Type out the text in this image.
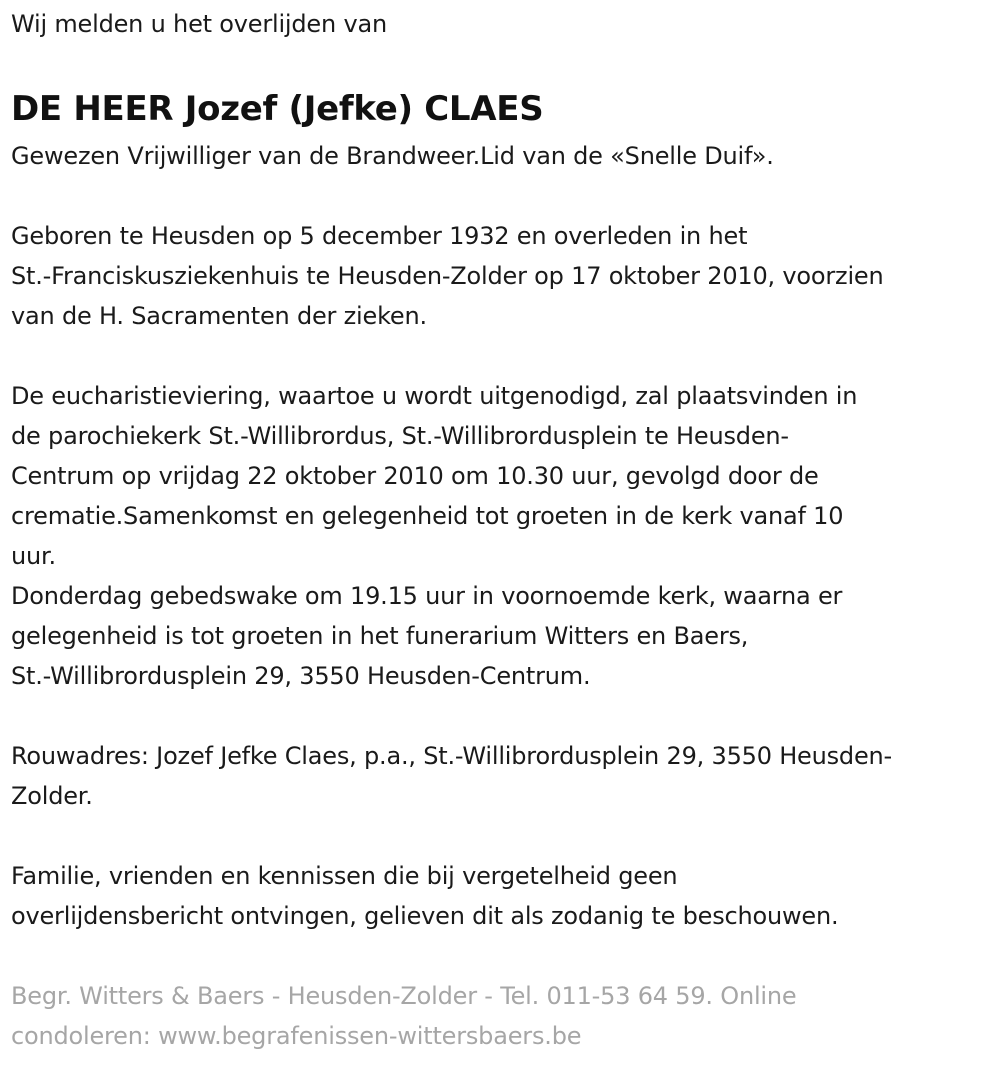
Wij melden u het overlijden van

DE HEER Jozef (Jefke) CLAES

Gewezen Vrijwilliger van de Brandweer.Lid van de «Snelle Duif».

Geboren te Heusden op 5 december 1932 en overleden in het

St.-Franciskusziekenhuis te Heusden-Zolder op 17 oktober 2010, voorzien

van de H. Sacramenten der zieken.

De eucharistieviering, waartoe u wordt uitgenodigd, zal plaatsvinden in

de parochiekerk St.-Willibrordus, St.-Willibrordusplein te Heusden-

Centrum op vrijdag 22 oktober 2010 om 10.30 uur, gevolgd door de

crematie.Samenkomst en gelegenheid tot groeten in de kerk vanaf 10

uur.

Donderdag gebedswake om 19.15 uur in voornoemde kerk, waarna er

gelegenheid is tot groeten in het funerarium Witters en Baers,

St.-Willibrordusplein 29, 3550 Heusden-Centrum.

Rouwadres: Jozef Jefke Claes, p.a., St.-Willibrordusplein 29, 3550 Heusden-

Zolder.

Familie, vrienden en kennissen die bij vergetelheid geen

overlijdensbericht ontvingen, gelieven dit als zodanig te beschouwen.

Begr. Witters & Baers - Heusden-Zolder - Tel. 011-53 64 59. Online

condoleren: www.begrafenissen-wittersbaers.be
